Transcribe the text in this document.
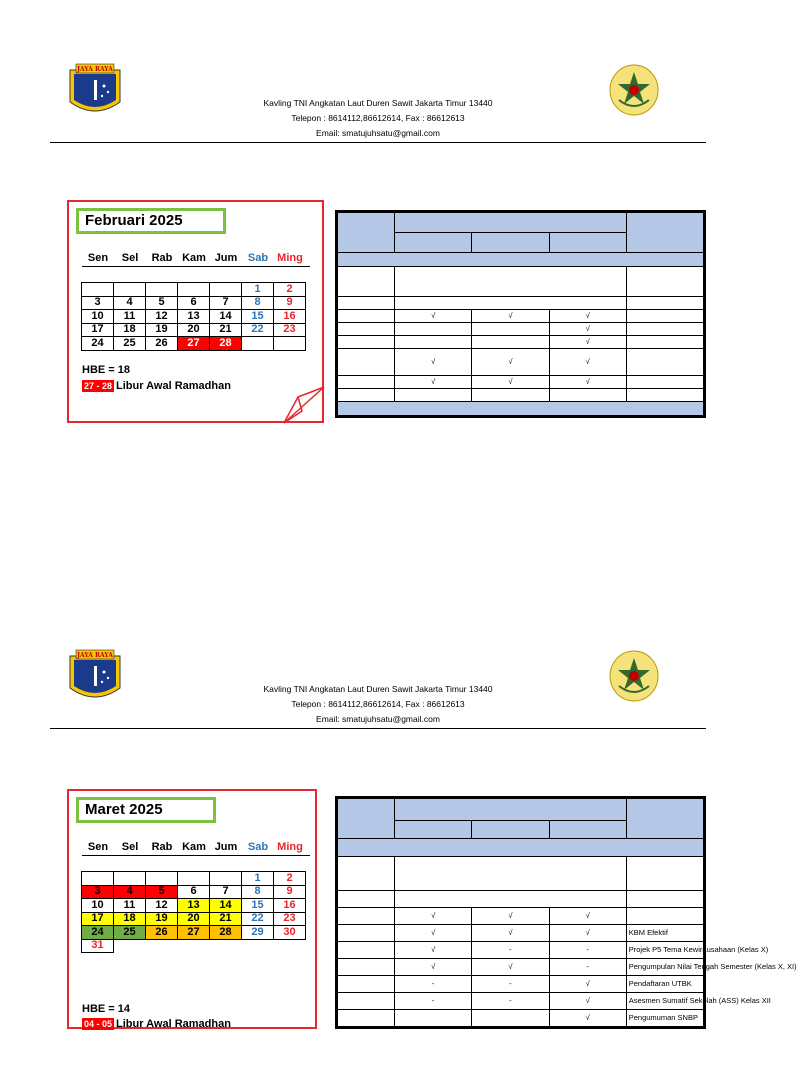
JAYA RAYA
Kavling TNI Angkatan Laut Duren Sawit Jakarta Timur 13440
Telepon : 8614112,86612614, Fax : 86612613
Email: smatujuhsatu@gmail.com
Februari 2025
Sen	Sel	Rab Kam Jum Sab Ming
					1	2
3	4	5	6	7	8	9
10	11	12	13	14	15	16
17	18	19	20	21	22	23
24	25	26	27	28		
HBE = 18
27 - 28 Libur Awal Ramadhan

	√	√	√	
			√	
			√	
	√	√	√	
	√	√	√	

JAYA RAYA
Kavling TNI Angkatan Laut Duren Sawit Jakarta Timur 13440
Telepon : 8614112,86612614, Fax : 86612613
Email: smatujuhsatu@gmail.com
Maret 2025
Sen	Sel	Rab Kam Jum Sab Ming
					1	2
3	4	5	6	7	8	9
10	11	12	13	14	15	16
17	18	19	20	21	22	23
24	25	26	27	28	29	30
31						
HBE = 14
04 - 05 Libur Awal Ramadhan

	√	√	√	
	√	√	√	KBM Efektif
	√	-	-	Projek P5 Tema Kewirausahaan (Kelas X)
	√	√	-	Pengumpulan Nilai Tengah Semester (Kelas X, XI)
	-	-	√	Pendaftaran UTBK
	-	-	√	Asesmen Sumatif Sekolah (ASS) Kelas XII
			√	Pengumuman SNBP
